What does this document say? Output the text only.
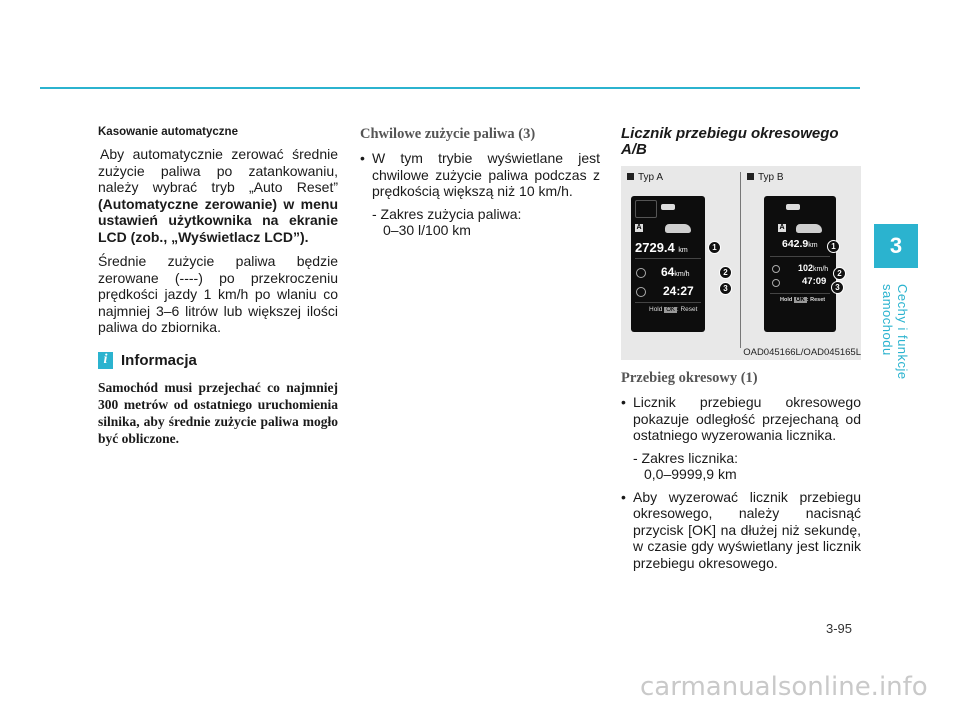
3
Cechy i funkcje samochodu

Kasowanie automatyczne

Aby automatycznie zerować średnie zużycie paliwa po zatankowaniu, należy wybrać tryb „Auto Reset” (Automatyczne zerowanie) w menu ustawień użytkownika na ekranie LCD (zob., „Wyświetlacz LCD”).

Średnie zużycie paliwa będzie zerowane (----) po przekroczeniu prędkości jazdy 1 km/h po wlaniu co najmniej 3–6 litrów lub większej ilości paliwa do zbiornika.

i Informacja

Samochód musi przejechać co najmniej 300 metrów od ostatniego uruchomienia silnika, aby średnie zużycie paliwa mogło być obliczone.

Chwilowe zużycie paliwa (3)

• W tym trybie wyświetlane jest chwilowe zużycie paliwa podczas z prędkością większą niż 10 km/h.
- Zakres zużycia paliwa:
0–30 l/100 km

Licznik przebiegu okresowego A/B

Typ A	Typ B
A
2729.4 km
64km/h
24:27
Hold OK : Reset
1
2
3
A
642.9km
102km/h
47:09
Hold OK : Reset
1
2
3
OAD045166L/OAD045165L

Przebieg okresowy (1)

• Licznik przebiegu okresowego pokazuje odległość przejechaną od ostatniego wyzerowania licznika.
- Zakres licznika:
0,0–9999,9 km
• Aby wyzerować licznik przebiegu okresowego, należy nacisnąć przycisk [OK] na dłużej niż sekundę, w czasie gdy wyświetlany jest licznik przebiegu okresowego.
3-95
carmanualsonline.info
